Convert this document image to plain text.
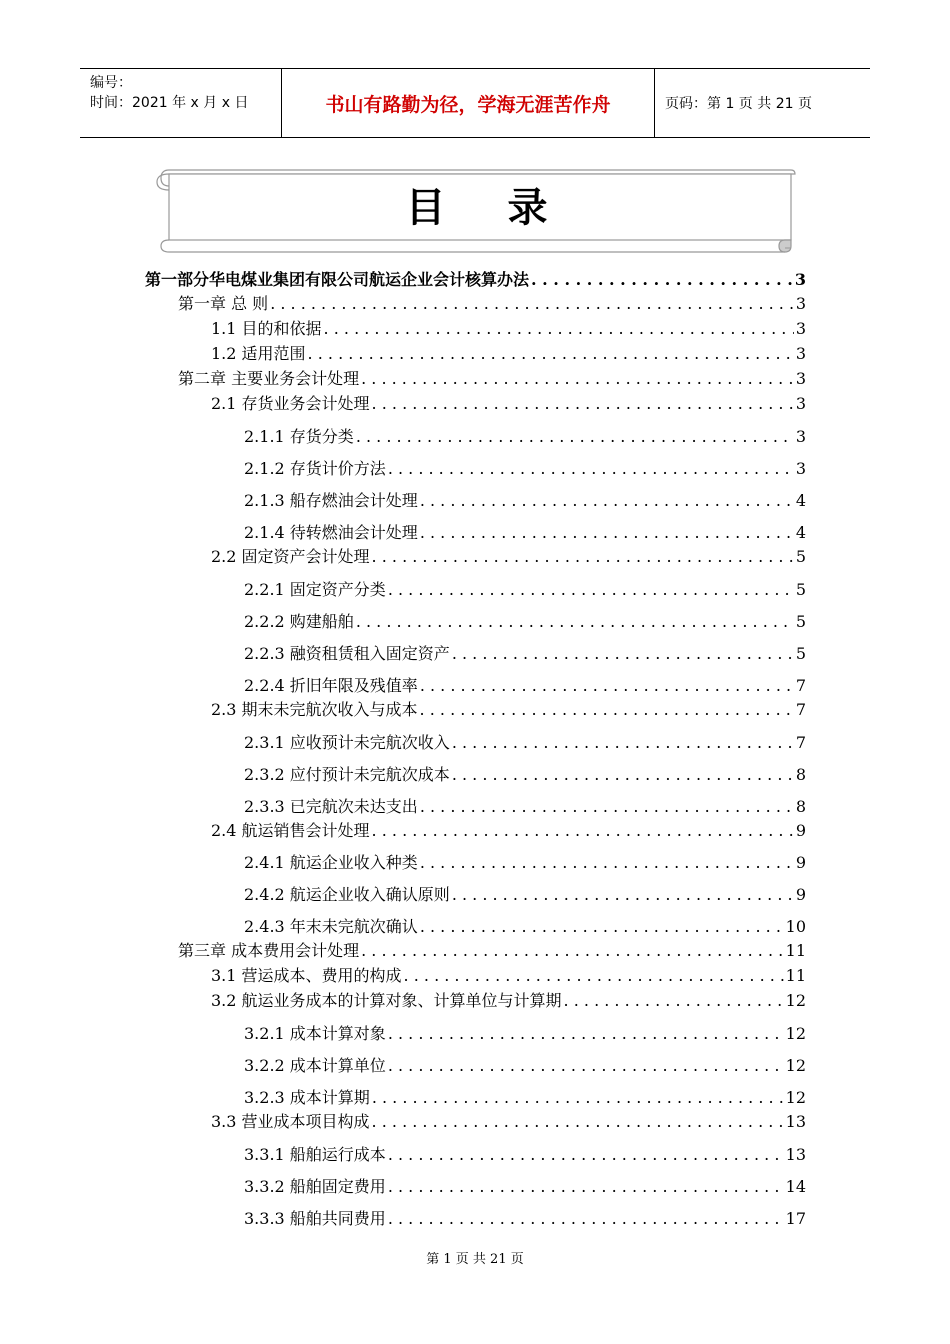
编号：
时间：2021 年 x 月 x 日	书山有路勤为径，学海无涯苦作舟	页码：第 1 页 共 21 页
目录
第一部分华电煤业集团有限公司航运企业会计核算办法 . . .	3
第一章 总 则 . . .	3
1.1 目的和依据 . . .	3
1.2 适用范围 . . .	3
第二章 主要业务会计处理 . . .	3
2.1 存货业务会计处理 . . .	3
2.1.1 存货分类 . . .	3
2.1.2 存货计价方法 . . .	3
2.1.3 船存燃油会计处理 . . .	4
2.1.4 待转燃油会计处理 . . .	4
2.2 固定资产会计处理 . . .	5
2.2.1 固定资产分类 . . .	5
2.2.2 购建船舶 . . .	5
2.2.3 融资租赁租入固定资产 . . .	5
2.2.4 折旧年限及残值率 . . .	7
2.3 期末未完航次收入与成本 . . .	7
2.3.1 应收预计未完航次收入 . . .	7
2.3.2 应付预计未完航次成本 . . .	8
2.3.3 已完航次未达支出 . . .	8
2.4 航运销售会计处理 . . .	9
2.4.1 航运企业收入种类 . . .	9
2.4.2 航运企业收入确认原则 . . .	9
2.4.3 年末未完航次确认 . . .	10
第三章 成本费用会计处理 . . .	11
3.1 营运成本、费用的构成 . . .	11
3.2 航运业务成本的计算对象、计算单位与计算期 . . .	12
3.2.1 成本计算对象 . . .	12
3.2.2 成本计算单位 . . .	12
3.2.3 成本计算期 . . .	12
3.3 营业成本项目构成 . . .	13
3.3.1 船舶运行成本 . . .	13
3.3.2 船舶固定费用 . . .	14
3.3.3 船舶共同费用 . . .	17
第 1 页 共 21 页
